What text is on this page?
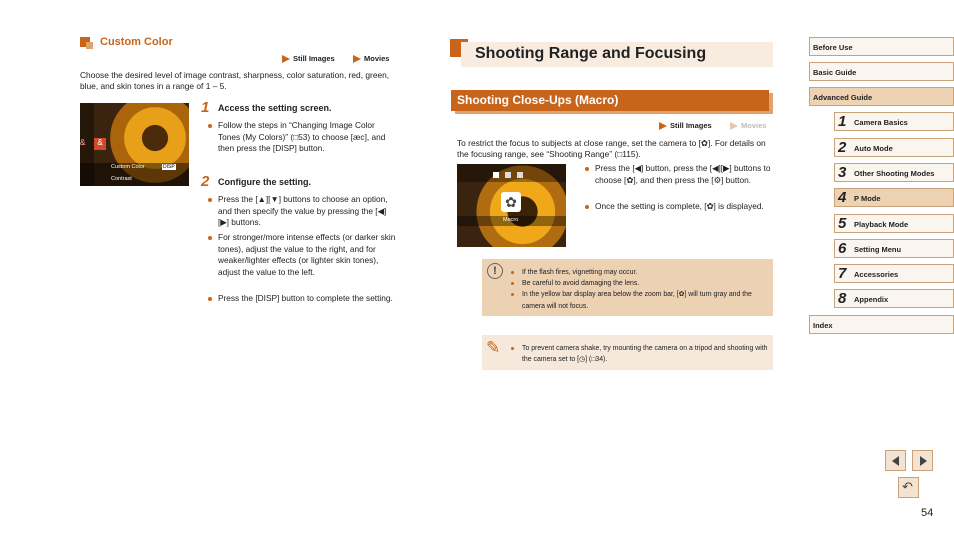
Custom Color
Still Images	Movies
Choose the desired level of image contrast, sharpness, color saturation, red, green, blue, and skin tones in a range of 1 – 5.
&	&
Custom Color	DISP
Contrast
1 Access the setting screen.
Follow the steps in “Changing Image Color Tones (My Colors)” (□53) to choose [æc], and then press the [DISP] button.
2 Configure the setting.
Press the [▲][▼] buttons to choose an option, and then specify the value by pressing the [◀][▶] buttons.
For stronger/more intense effects (or darker skin tones), adjust the value to the right, and for weaker/lighter effects (or lighter skin tones), adjust the value to the left.
Press the [DISP] button to complete the setting.
Shooting Range and Focusing
Shooting Close-Ups (Macro)
Still Images	Movies
To restrict the focus to subjects at close range, set the camera to [✿]. For details on the focusing range, see “Shooting Range” (□115).
✿
Macro
Press the [◀] button, press the [◀][▶] buttons to choose [✿], and then press the [⚙] button.
Once the setting is complete, [✿] is displayed.
!	If the flash fires, vignetting may occur.
Be careful to avoid damaging the lens.
In the yellow bar display area below the zoom bar, [✿] will turn gray and the camera will not focus.
✎	To prevent camera shake, try mounting the camera on a tripod and shooting with the camera set to [◷] (□34).
Before Use
Basic Guide
Advanced Guide
1 Camera Basics
2 Auto Mode
3 Other Shooting Modes
4 P Mode
5 Playback Mode
6 Setting Menu
7 Accessories
8 Appendix
Index
↶
54
